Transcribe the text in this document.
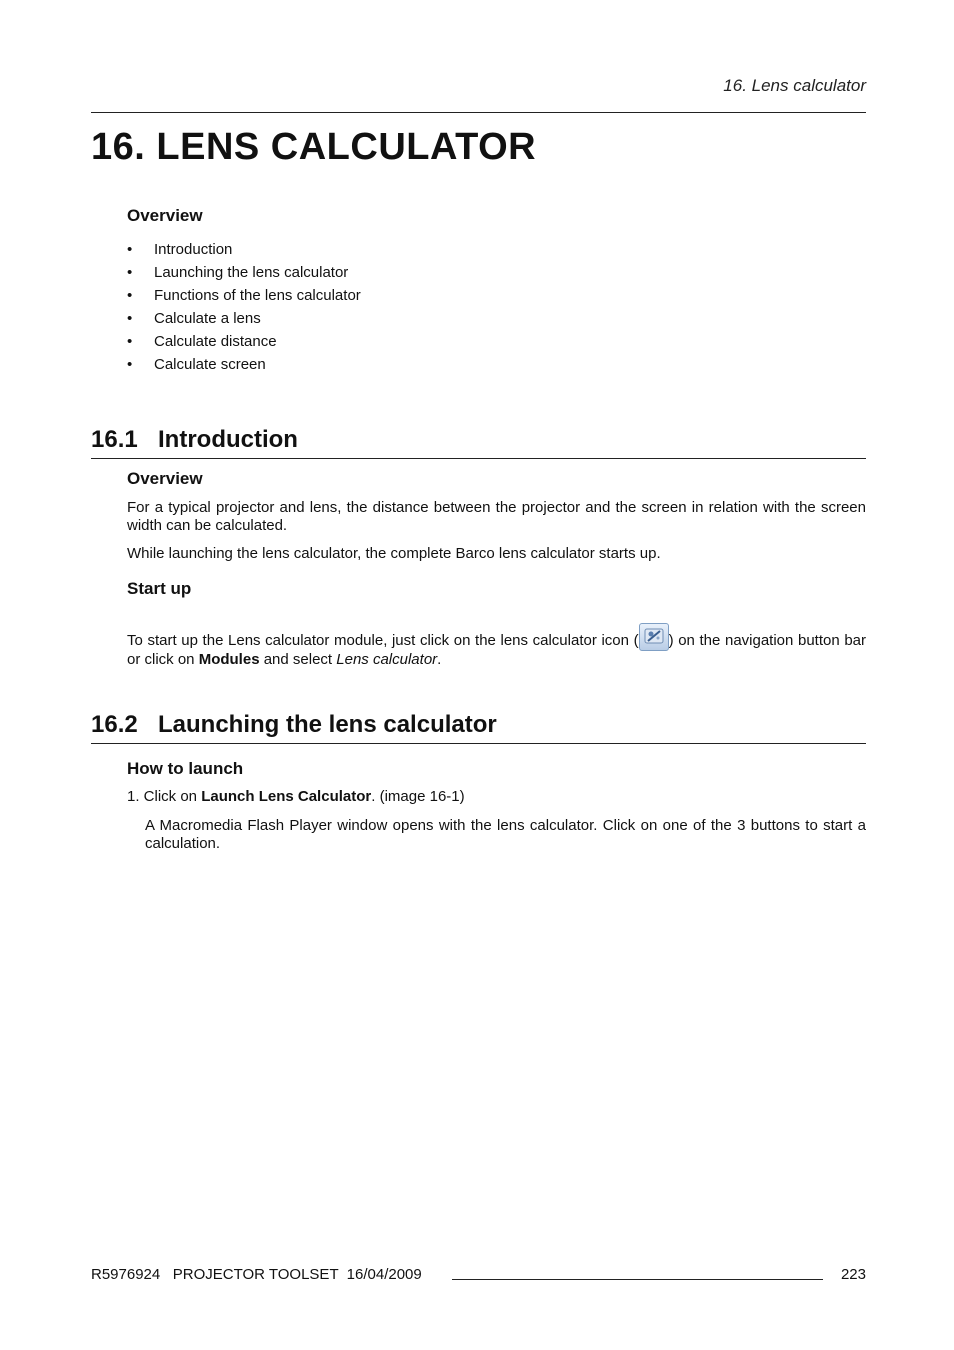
16. Lens calculator
16. LENS CALCULATOR
Overview
• Introduction
• Launching the lens calculator
• Functions of the lens calculator
• Calculate a lens
• Calculate distance
• Calculate screen
16.1 Introduction
Overview

For a typical projector and lens, the distance between the projector and the screen in relation with the screen width can be calculated.

While launching the lens calculator, the complete Barco lens calculator starts up.

Start up

To start up the Lens calculator module, just click on the lens calculator icon ( ) on the navigation button bar or click on Modules and select Lens calculator.

16.2 Launching the lens calculator
How to launch
1. Click on Launch Lens Calculator. (image 16-1)

A Macromedia Flash Player window opens with the lens calculator. Click on one of the 3 buttons to start a calculation.

R5976924   PROJECTOR TOOLSET  16/04/2009	223
